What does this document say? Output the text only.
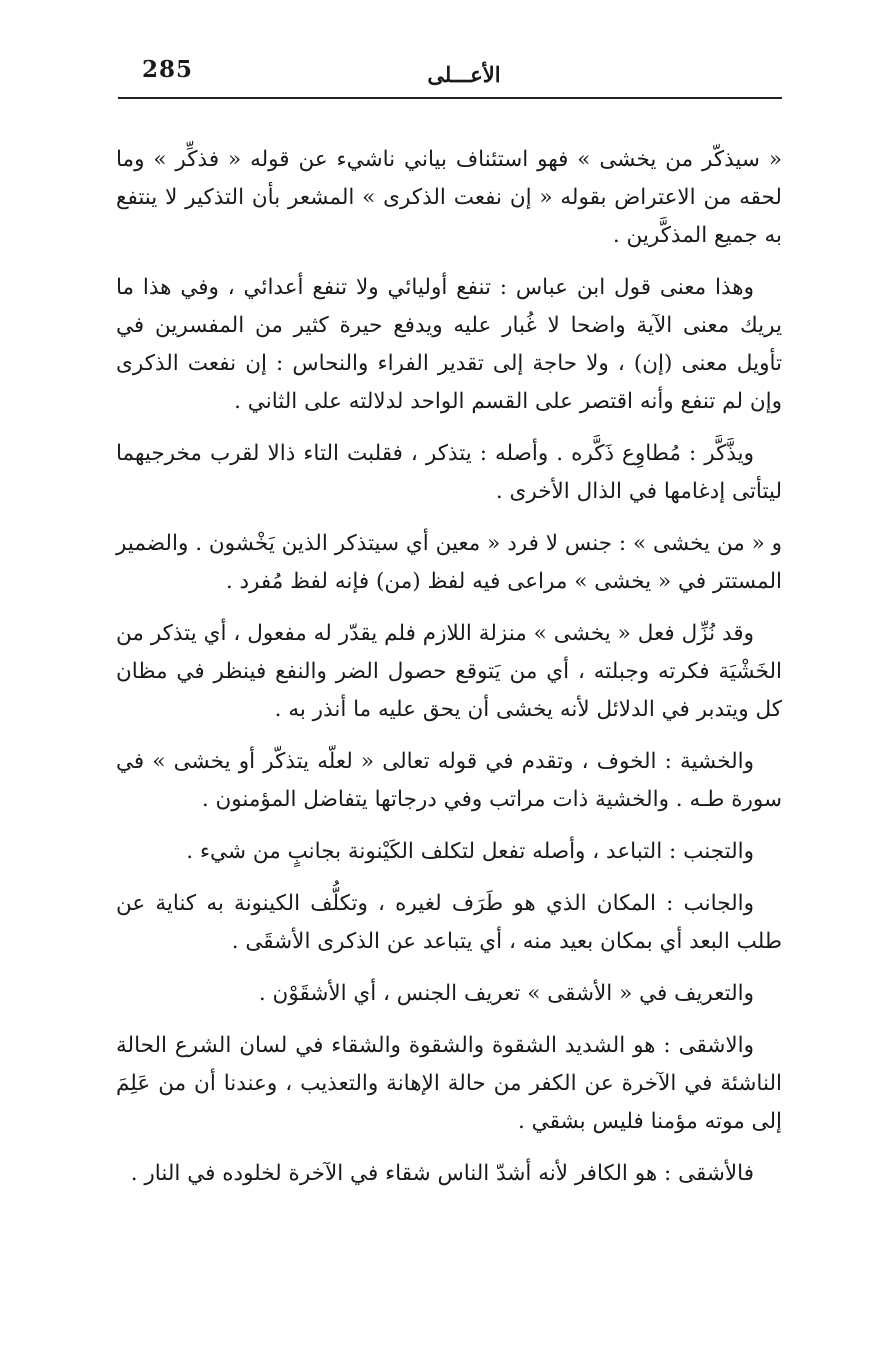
285	الأعـــلى

« سيذكّر من يخشى » فهو استئناف بياني ناشيء عن قوله « فذكِّر » وما لحقه من الاعتراض بقوله « إن نفعت الذكرى » المشعر بأن التذكير لا ينتفع به جميع المذكَّرين .

وهذا معنى قول ابن عباس : تنفع أوليائي ولا تنفع أعدائي ، وفي هذا ما يريك معنى الآية واضحا لا غُبار عليه ويدفع حيرة كثير من المفسرين في تأويل معنى (إن) ، ولا حاجة إلى تقدير الفراء والنحاس : إن نفعت الذكرى وإن لم تنفع وأنه اقتصر على القسم الواحد لدلالته على الثاني .

ويذَّكَّر : مُطاوِع ذَكَّره . وأصله : يتذكر ، فقلبت التاء ذالا لقرب مخرجيهما ليتأتى إدغامها في الذال الأخرى .

و « من يخشى » : جنس لا فرد « معين أي سيتذكر الذين يَخْشون . والضمير المستتر في « يخشى » مراعى فيه لفظ (من) فإنه لفظ مُفرد .

وقد نُزِّل فعل « يخشى » منزلة اللازم فلم يقدّر له مفعول ، أي يتذكر من الخَشْيَة فكرته وجبلته ، أي من يَتوقع حصول الضر والنفع فينظر في مظان كل ويتدبر في الدلائل لأنه يخشى أن يحق عليه ما أنذر به .

والخشية : الخوف ، وتقدم في قوله تعالى « لعلّه يتذكّر أو يخشى » في سورة طـه . والخشية ذات مراتب وفي درجاتها يتفاضل المؤمنون .

والتجنب : التباعد ، وأصله تفعل لتكلف الكَيْنونة بجانبٍ من شيء .

والجانب : المكان الذي هو طَرَف لغيره ، وتكلُّف الكينونة به كناية عن طلب البعد أي بمكان بعيد منه ، أي يتباعد عن الذكرى الأشقَى .

والتعريف في « الأشقى » تعريف الجنس ، أي الأشقَوْن .

والاشقى : هو الشديد الشقوة والشقوة والشقاء في لسان الشرع الحالة الناشئة في الآخرة عن الكفر من حالة الإهانة والتعذيب ، وعندنا أن من عَلِمَ إلى موته مؤمنا فليس بشقي .

فالأشقى : هو الكافر لأنه أشدّ الناس شقاء في الآخرة لخلوده في النار .
